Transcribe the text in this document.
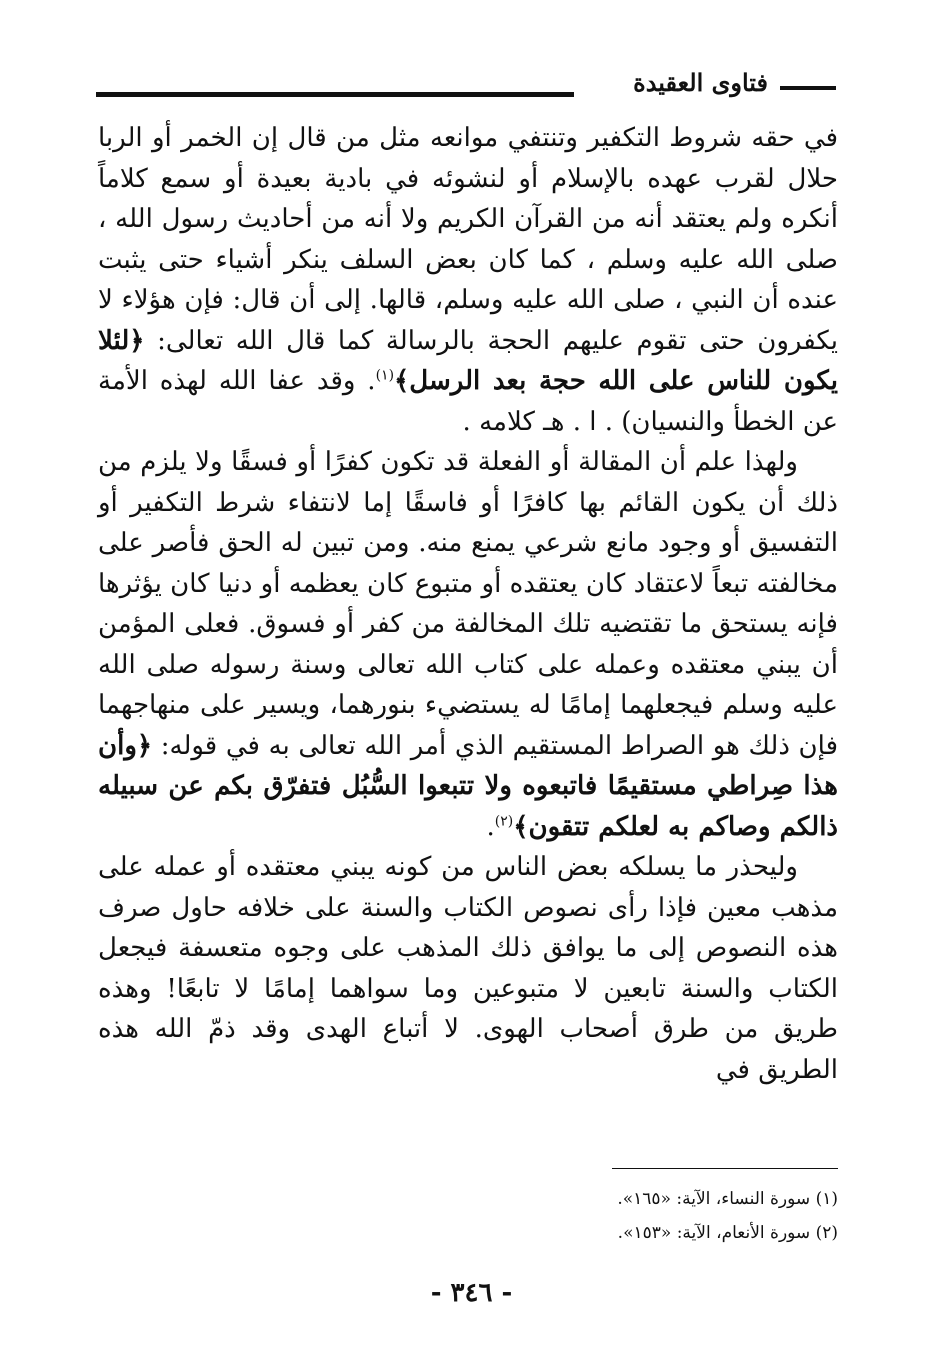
فتاوى العقيدة

في حقه شروط التكفير وتنتفي موانعه مثل من قال إن الخمر أو الربا حلال لقرب عهده بالإسلام أو لنشوئه في بادية بعيدة أو سمع كلاماً أنكره ولم يعتقد أنه من القرآن الكريم ولا أنه من أحاديث رسول الله ، صلى الله عليه وسلم ، كما كان بعض السلف ينكر أشياء حتى يثبت عنده أن النبي ، صلى الله عليه وسلم، قالها. إلى أن قال: فإن هؤلاء لا يكفرون حتى تقوم عليهم الحجة بالرسالة كما قال الله تعالى: ﴿لئلا يكون للناس على الله حجة بعد الرسل﴾$^{(١)}$. وقد عفا الله لهذه الأمة عن الخطأ والنسيان) . ا . هـ كلامه .

ولهذا علم أن المقالة أو الفعلة قد تكون كفرًا أو فسقًا ولا يلزم من ذلك أن يكون القائم بها كافرًا أو فاسقًا إما لانتفاء شرط التكفير أو التفسيق أو وجود مانع شرعي يمنع منه. ومن تبين له الحق فأصر على مخالفته تبعاً لاعتقاد كان يعتقده أو متبوع كان يعظمه أو دنيا كان يؤثرها فإنه يستحق ما تقتضيه تلك المخالفة من كفر أو فسوق. فعلى المؤمن أن يبني معتقده وعمله على كتاب الله تعالى وسنة رسوله صلى الله عليه وسلم فيجعلهما إمامًا له يستضيء بنورهما، ويسير على منهاجهما فإن ذلك هو الصراط المستقيم الذي أمر الله تعالى به في قوله: ﴿وأن هذا صِراطي مستقيمًا فاتبعوه ولا تتبعوا السُّبُل فتفرّق بكم عن سبيله ذالكم وصاكم به لعلكم تتقون﴾$^{(٢)}$.

وليحذر ما يسلكه بعض الناس من كونه يبني معتقده أو عمله على مذهب معين فإذا رأى نصوص الكتاب والسنة على خلافه حاول صرف هذه النصوص إلى ما يوافق ذلك المذهب على وجوه متعسفة فيجعل الكتاب والسنة تابعين لا متبوعين وما سواهما إمامًا لا تابعًا! وهذه طريق من طرق أصحاب الهوى. لا أتباع الهدى وقد ذمّ الله هذه الطريق في

(١) سورة النساء، الآية: «١٦٥».

(٢) سورة الأنعام، الآية: «١٥٣».

- ٣٤٦ -
